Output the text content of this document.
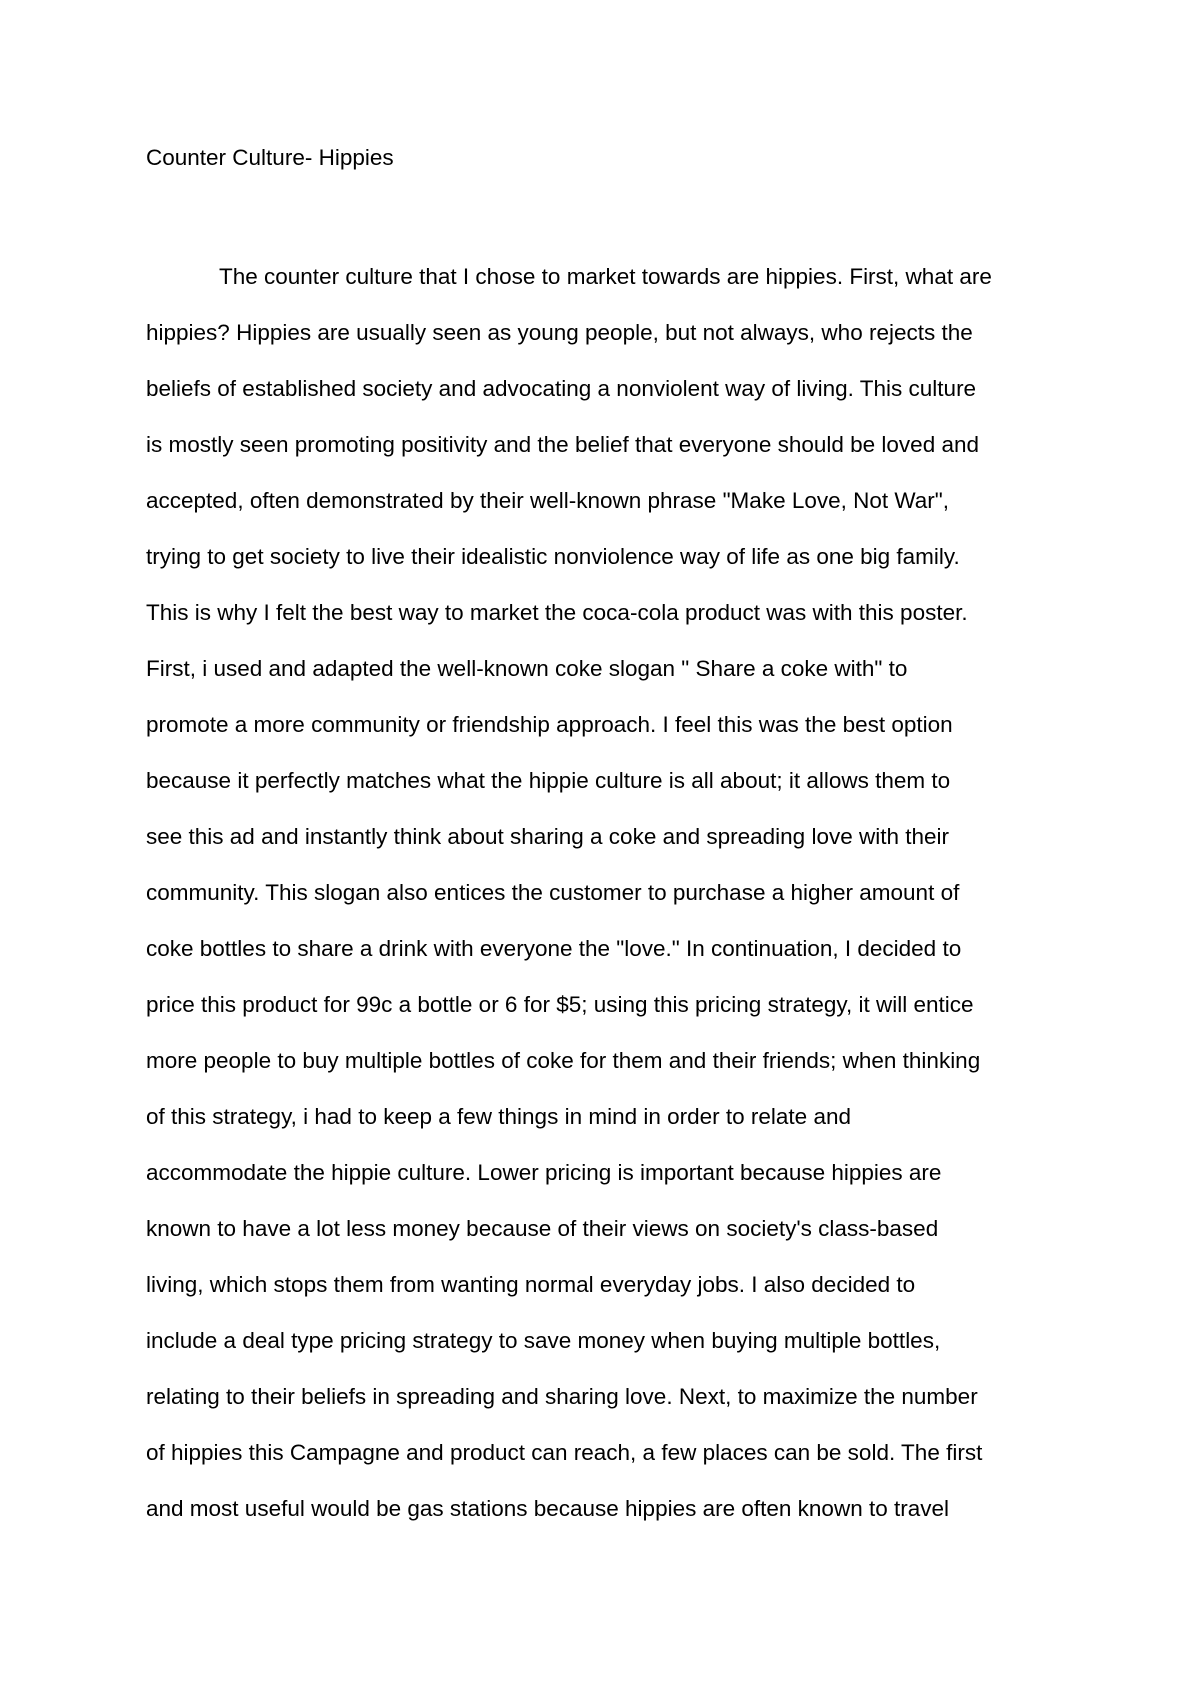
Counter Culture- Hippies
The counter culture that I chose to market towards are hippies. First, what are
hippies? Hippies are usually seen as young people, but not always, who rejects the
beliefs of established society and advocating a nonviolent way of living. This culture
is mostly seen promoting positivity and the belief that everyone should be loved and
accepted, often demonstrated by their well-known phrase "Make Love, Not War",
trying to get society to live their idealistic nonviolence way of life as one big family.
This is why I felt the best way to market the coca-cola product was with this poster.
First, i used and adapted the well-known coke slogan " Share a coke with" to
promote a more community or friendship approach. I feel this was the best option
because it perfectly matches what the hippie culture is all about; it allows them to
see this ad and instantly think about sharing a coke and spreading love with their
community. This slogan also entices the customer to purchase a higher amount of
coke bottles to share a drink with everyone the "love." In continuation, I decided to
price this product for 99c a bottle or 6 for $5; using this pricing strategy, it will entice
more people to buy multiple bottles of coke for them and their friends; when thinking
of this strategy, i had to keep a few things in mind in order to relate and
accommodate the hippie culture. Lower pricing is important because hippies are
known to have a lot less money because of their views on society's class-based
living, which stops them from wanting normal everyday jobs. I also decided to
include a deal type pricing strategy to save money when buying multiple bottles,
relating to their beliefs in spreading and sharing love. Next, to maximize the number
of hippies this Campagne and product can reach, a few places can be sold. The first
and most useful would be gas stations because hippies are often known to travel
